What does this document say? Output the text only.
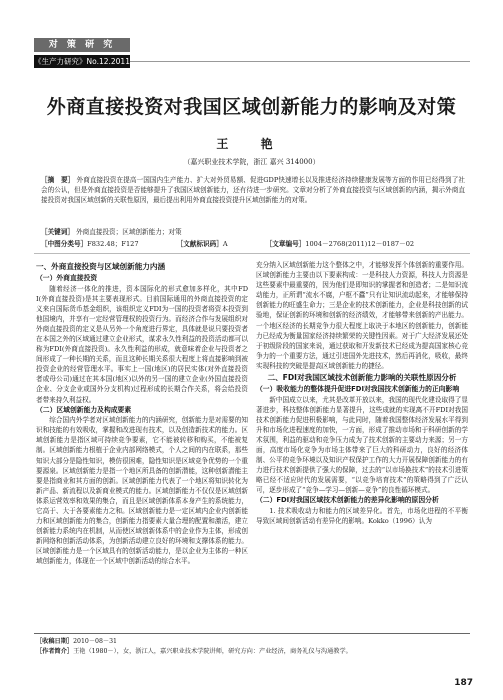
对 策 研 究
《生产力研究》No.12.2011
外商直接投资对我国区域创新能力的影响及对策
王 艳
（嘉兴职业技术学院，浙江 嘉兴 314000）
［摘　要］ 外商直接投资在提高一国国内生产能力、扩大对外贸易额、促进GDP快速增长以及推进经济持续健康发展等方面的作用已经得到了社会的公认，但是外商直接投资是否能够提升了我国区域创新能力，还有待进一步研究。文章对分析了外商直接投资与区域创新的内涵，揭示外商直接投资对我国区域创新的关联性原因，最后提出利用外商直接投资提升区域创新能力的对策。
［关键词］ 外商直接投资；区域创新能力；对策
［中图分类号］F832.48；F127	［文献标识码］A	［文章编号］1004－2768(2011)12－0187－02
一、外商直接投资与区域创新能力内涵
（一）外商直接投资

随着经济一体化的推进，资本国际化的形式愈加多样化，其中FD I(外商直接投资)是其主要表现形式。目前国际通用的外商直接投资的定义来自国际货币基金组织，该组织定义FDI为一国的投资者将资本投资到他国境内，并享有一定经营管理权的投资行为。而经济合作与发展组织对外商直接投资的定义是从另外一个角度进行界定，具体就是说只要投资者在本国之外的区域通过建立企业形式，谋求永久性利益的投资活动都可以称为FDI(外商直接投资)。永久性利益的形成，就意味着企业与投资者之间形成了一种长期的关系，而且这种长期关系很大程度上将直接影响到被投资企业的经营管理水平。事实上一国(地区)的居民实体(对外直接投资者或母公司)通过在其本国(地区)以外的另一国的建立企业(外国直接投资企业、分支企业或国外分支机构)过程形成的长期合作关系，将会给投资者带来持久利益权。

（二）区域创新能力及构成要素

综合国内外学者对区域创新能力的内涵研究，创新能力是对需要的知识和技能的有效吸收，掌握和改进现有技术，以及创造新技术的能力。区域创新能力是指区域可持续竞争要素，它不能被转移和购买，不能被复制。区域创新能力根植于企业内部网络模式，个人之间的内在联系，那些知识大部分是隐性知识，模仿很困难，隐性知识是区域竞争优势的一个重要源泉。区域创新能力是指一个地区所具备的创新潜能，这种创新潜能主要是指商业和其方面的创新。区域创新能力代表了一个地区将知识转化为新产品、新流程以及新商业模式的能力。区域创新能力不仅仅是区域创新体系运营效率和效果的集合，而且是区域创新体系本身产生的系统能力，它高于、大于各要素能力之和。区域创新能力是一定区域内企业内创新能力和区域创新能力的集合，创新能力指要素大量合理的配置和激活，建立创新能力系统内在机制，从而使区域创新体系中的企业作为主体，形成创新网络和创新活动体系，为创新活动建立良好的环境和支撑体系的能力。区域创新能力是一个区域具有的创新活动能力，是以企业为主体的一种区域创新能力，体现在一个区域中创新活动的综合水平。

充分纳入区域创新能力这个整体之中，才能够发挥个体创新的重要作用。区域创新能力主要由以下要素构成：一是科技人力资源，科技人力资源是这些要素中最重要的，因为他们是即知识的掌握者和创造者；二是知识流动能力，正所谓“流水不腐，户枢不蠹”只有让知识流动起来，才能够保持创新能力的旺盛生命力；三是企业的技术创新能力，企业是科技创新的试验地，保证创新的环境和创新的经济绩效，才能够带来创新的产出能力。一个地区经济的长期竞争力很大程度上取决于本地区的创新能力，创新能力已经成为衡量国家经济持续繁荣的关键性因素。对于广大经济发展还处于初级阶段的国家来说，通过获取和开发新技术已经成为提高国家核心竞争力的一个重要方法，通过引进国外先进技术，然后再消化，吸收，最终实现科技的突破是提高区域创新能力的捷径。

二、FDI对我国区域技术创新能力影响的关联性原因分析
（一）吸收能力的整体提升促进FDI对我国技术创新能力的正向影响

新中国成立以来，尤其是改革开放以来，我国的现代化建设取得了显著进步，科技整体创新能力显著提升，这些成就的实现离不开FDI对我国技术创新能力促进积极影响，与此同时，随着我国整体经济发展水平得到升和市场化进程速度的加快，一方面，形成了推动市场和于科研创新的学术氛围，利益的驱动和竞争压力成为了技术创新的主要动力来源；另一方面，高度市场化竞争为市场主体带来了巨大的科研动力，良好的经济体制、公平的竞争环境以及知识产权保护工作的大力开展保障创新能力的有力进行技术创新提供了强大的保障，过去的“以市场换技术”的技术引进策略已经不适应时代的发展需要，“以竞争培育技术”的策略得到了广泛认可，逐步形成了“竞争—学习—创新—竞争”的良性循环模式。

（二）FDI对我国区域技术创新能力的差异化影响的原因分析

1. 技术吸收动力和能力的区域差异化。首先，市场化进程的不平衡导致区域间创新活动有差异化的影响。Kokko（1996）认为

［收稿日期］2010－08－31
［作者简介］王艳（1980－），女，浙江人，嘉兴职业技术学院讲师，研究方向：产业经济，商务礼仪与沟通教学。
187
